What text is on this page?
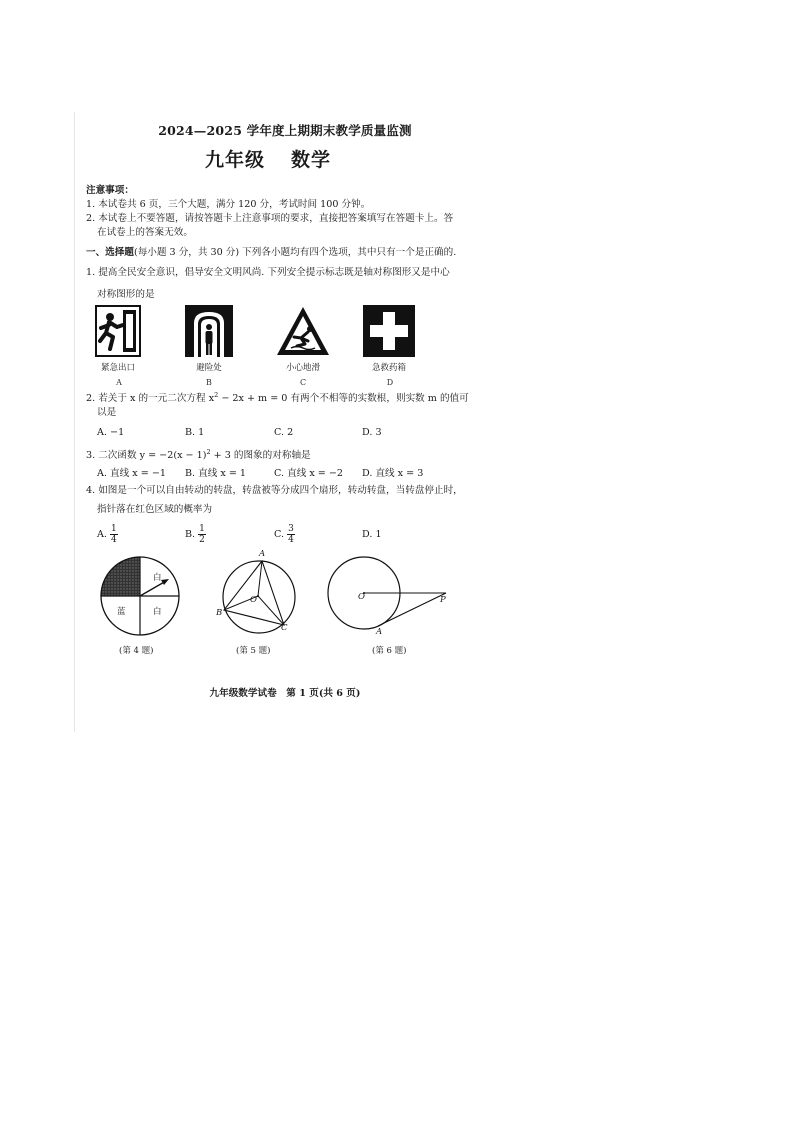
2024—2025 学年度上期期末教学质量监测
九年级 数学
注意事项：
1. 本试卷共 6 页，三个大题，满分 120 分，考试时间 100 分钟。
2. 本试卷上不要答题，请按答题卡上注意事项的要求，直接把答案填写在答题卡上。答
在试卷上的答案无效。
一、选择题(每小题 3 分，共 30 分) 下列各小题均有四个选项，其中只有一个是正确的.
1. 提高全民安全意识，倡导安全文明风尚. 下列安全提示标志既是轴对称图形又是中心
对称图形的是
紧急出口	避险处	小心地滑	急救药箱
A	B	C	D
2. 若关于 x 的一元二次方程 $x^2 - 2x + m = 0$ 有两个不相等的实数根，则实数 m 的值可
以是
A. −1	B. 1	C. 2	D. 3
3. 二次函数 $y = -2(x - 1)^2 + 3$ 的图象的对称轴是
A. 直线 x = −1 B. 直线 x = 1	C. 直线 x = −2 D. 直线 x = 3
4. 如图是一个可以自由转动的转盘，转盘被等分成四个扇形，转动转盘，当转盘停止时，
指针落在红色区域的概率为
A. $\frac{1}{4}$	B. $\frac{1}{2}$	C. $\frac{3}{4}$	D. 1
白
蓝	白
(第 4 题)
A
O
B
C
(第 5 题)
O	P
A
(第 6 题)
九年级数学试卷　第 1 页(共 6 页)
